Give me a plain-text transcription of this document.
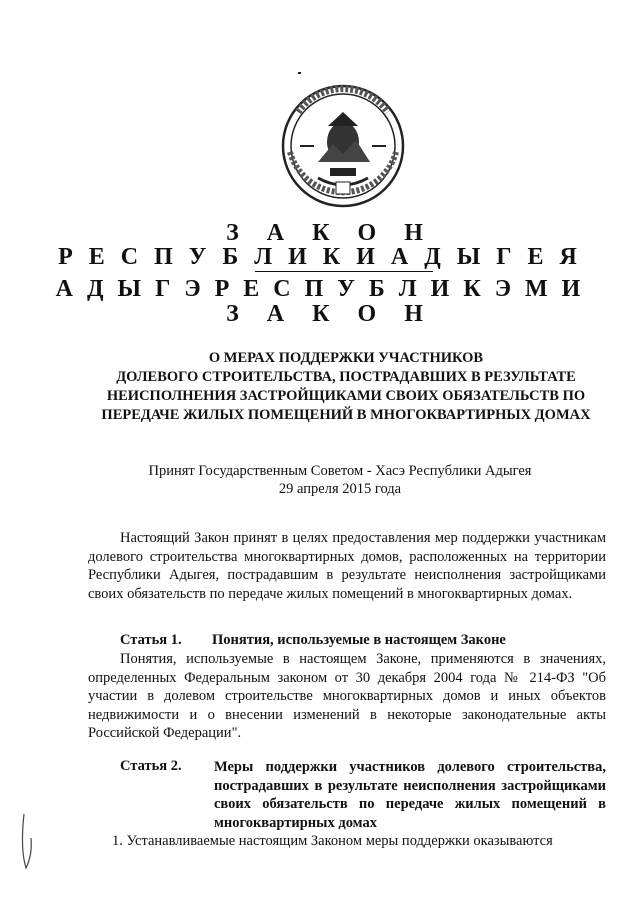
З А К О Н
Р Е С П У Б Л И К И А Д Ы Г Е Я
А Д Ы Г Э Р Е С П У Б Л И К Э М И
З А К О Н
О МЕРАХ ПОДДЕРЖКИ УЧАСТНИКОВ
ДОЛЕВОГО СТРОИТЕЛЬСТВА, ПОСТРАДАВШИХ В РЕЗУЛЬТАТЕ
НЕИСПОЛНЕНИЯ ЗАСТРОЙЩИКАМИ СВОИХ ОБЯЗАТЕЛЬСТВ ПО
ПЕРЕДАЧЕ ЖИЛЫХ ПОМЕЩЕНИЙ В МНОГОКВАРТИРНЫХ ДОМАХ
Принят Государственным Советом - Хасэ Республики Адыгея
29 апреля 2015 года
Настоящий Закон принят в целях предоставления мер поддержки участникам долевого строительства многоквартирных домов, расположенных на территории Республики Адыгея, пострадавшим в результате неисполнения застройщиками своих обязательств по передаче жилых помещений в многоквартирных домах.
Статья 1. Понятия, используемые в настоящем Законе
Понятия, используемые в настоящем Законе, применяются в значениях, определенных Федеральным законом от 30 декабря 2004 года № 214-ФЗ "Об участии в долевом строительстве многоквартирных домов и иных объектов недвижимости и о внесении изменений в некоторые законодательные акты Российской Федерации".
Статья 2. Меры поддержки участников долевого строительства, пострадавших в результате неисполнения застройщиками своих обязательств по передаче жилых помещений в многоквартирных домах
1. Устанавливаемые настоящим Законом меры поддержки оказываются
